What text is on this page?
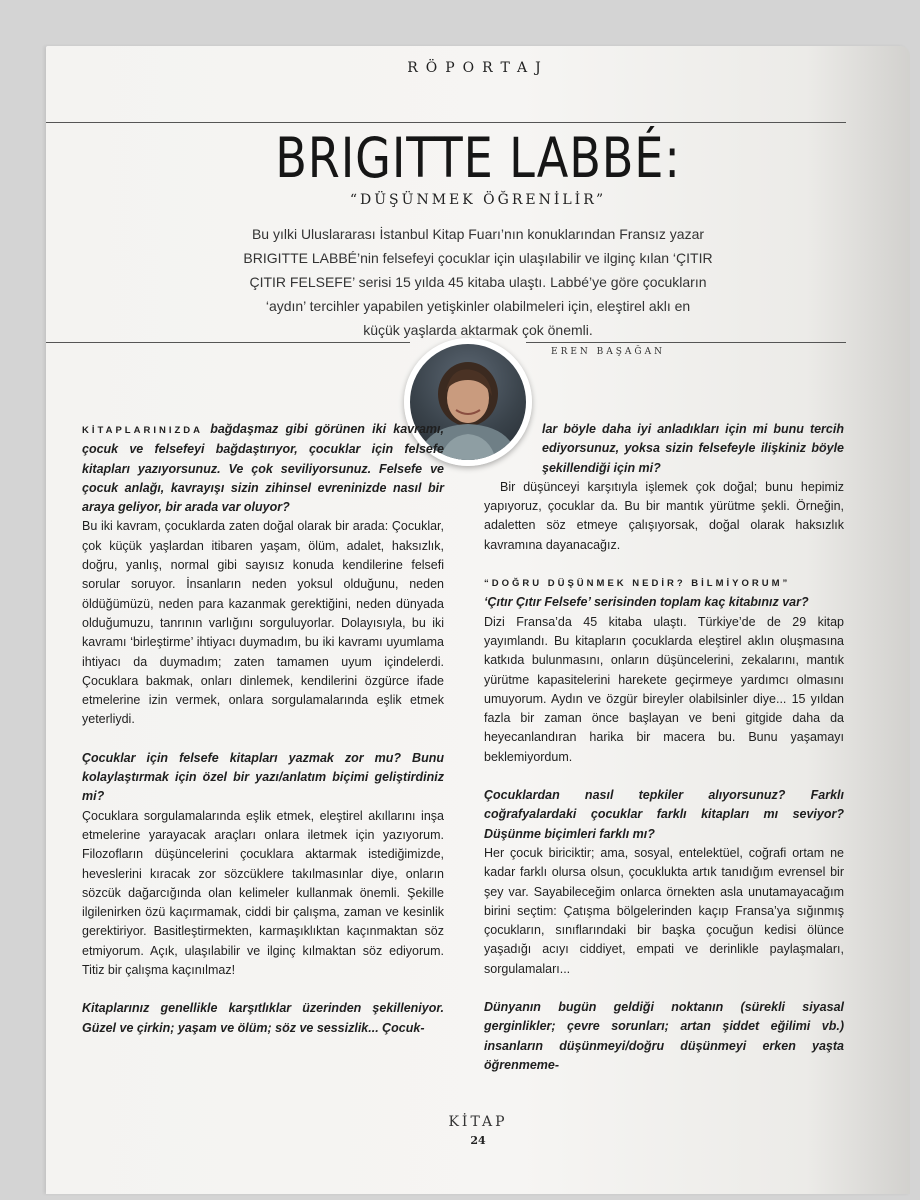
RÖPORTAJ
BRIGITTE LABBÉ:
“DÜŞÜNMEK ÖĞRENİLİR”
Bu yılki Uluslararası İstanbul Kitap Fuarı’nın konuklarından Fransız yazar
BRIGITTE LABBÉ’nin felsefeyi çocuklar için ulaşılabilir ve ilginç kılan ‘ÇITIR
ÇITIR FELSEFE’ serisi 15 yılda 45 kitaba ulaştı. Labbé’ye göre çocukların
‘aydın’ tercihler yapabilen yetişkinler olabilmeleri için, eleştirel aklı en
küçük yaşlarda aktarmak çok önemli.
EREN BAŞAĞAN

KİTAPLARINIZDA bağdaşmaz gibi görünen iki kavramı, çocuk ve felsefeyi bağdaştırıyor, çocuklar için felsefe kitapları yazıyorsunuz. Ve çok seviliyorsunuz. Felsefe ve çocuk anlağı, kavrayışı sizin zihinsel evreninizde nasıl bir araya geliyor, bir arada var oluyor?

Bu iki kavram, çocuklarda zaten doğal olarak bir arada: Çocuklar, çok küçük yaşlardan itibaren yaşam, ölüm, adalet, haksızlık, doğru, yanlış, normal gibi sayısız konuda kendilerine felsefi sorular soruyor. İnsanların neden yoksul olduğunu, neden öldüğümüzü, neden para kazanmak gerektiğini, neden dünyada olduğumuzu, tanrının varlığını sorguluyorlar. Dolayısıyla, bu iki kavramı ‘birleştirme’ ihtiyacı duymadım, bu iki kavramı uyumlama ihtiyacı da duymadım; zaten tamamen uyum içindelerdi. Çocuklara bakmak, onları dinlemek, kendilerini özgürce ifade etmelerine izin vermek, onlara sorgulamalarında eşlik etmek yeterliydi.

Çocuklar için felsefe kitapları yazmak zor mu? Bunu kolaylaştırmak için özel bir yazı/anlatım biçimi geliştirdiniz mi?

Çocuklara sorgulamalarında eşlik etmek, eleştirel akıllarını inşa etmelerine yarayacak araçları onlara iletmek için yazıyorum. Filozofların düşüncelerini çocuklara aktarmak istediğimizde, heveslerini kıracak zor sözcüklere takılmasınlar diye, onların sözcük dağarcığında olan kelimeler kullanmak önemli. Şekille ilgilenirken özü kaçırmamak, ciddi bir çalışma, zaman ve kesinlik gerektiriyor. Basitleştirmekten, karmaşıklıktan kaçınmaktan söz etmiyorum. Açık, ulaşılabilir ve ilginç kılmaktan söz ediyorum. Titiz bir çalışma kaçınılmaz!

Kitaplarınız genellikle karşıtlıklar üzerinden şekilleniyor. Güzel ve çirkin; yaşam ve ölüm; söz ve sessizlik... Çocuk-

lar böyle daha iyi anladıkları için mi bunu tercih ediyorsunuz, yoksa sizin felsefeyle ilişkiniz böyle şekillendiği için mi?

Bir düşünceyi karşıtıyla işlemek çok doğal; bunu hepimiz yapıyoruz, çocuklar da. Bu bir mantık yürütme şekli. Örneğin, adaletten söz etmeye çalışıyorsak, doğal olarak haksızlık kavramına dayanacağız.

“DOĞRU DÜŞÜNMEK NEDİR? BİLMİYORUM”

‘Çıtır Çıtır Felsefe’ serisinden toplam kaç kitabınız var?

Dizi Fransa’da 45 kitaba ulaştı. Türkiye’de de 29 kitap yayımlandı. Bu kitapların çocuklarda eleştirel aklın oluşmasına katkıda bulunmasını, onların düşüncelerini, zekalarını, mantık yürütme kapasitelerini harekete geçirmeye yardımcı olmasını umuyorum. Aydın ve özgür bireyler olabilsinler diye... 15 yıldan fazla bir zaman önce başlayan ve beni gitgide daha da heyecanlandıran harika bir macera bu. Bunu yaşamayı beklemiyordum.

Çocuklardan nasıl tepkiler alıyorsunuz? Farklı coğrafyalardaki çocuklar farklı kitapları mı seviyor? Düşünme biçimleri farklı mı?

Her çocuk biriciktir; ama, sosyal, entelektüel, coğrafi ortam ne kadar farklı olursa olsun, çocuklukta artık tanıdığım evrensel bir şey var. Sayabileceğim onlarca örnekten asla unutamayacağım birini seçtim: Çatışma bölgelerinden kaçıp Fransa’ya sığınmış çocukların, sınıflarındaki bir başka çocuğun kedisi ölünce yaşadığı acıyı ciddiyet, empati ve derinlikle paylaşmaları, sorgulamaları...

Dünyanın bugün geldiği noktanın (sürekli siyasal gerginlikler; çevre sorunları; artan şiddet eğilimi vb.) insanların düşünmeyi/doğru düşünmeyi erken yaşta öğrenmeme-

KİTAP
24
